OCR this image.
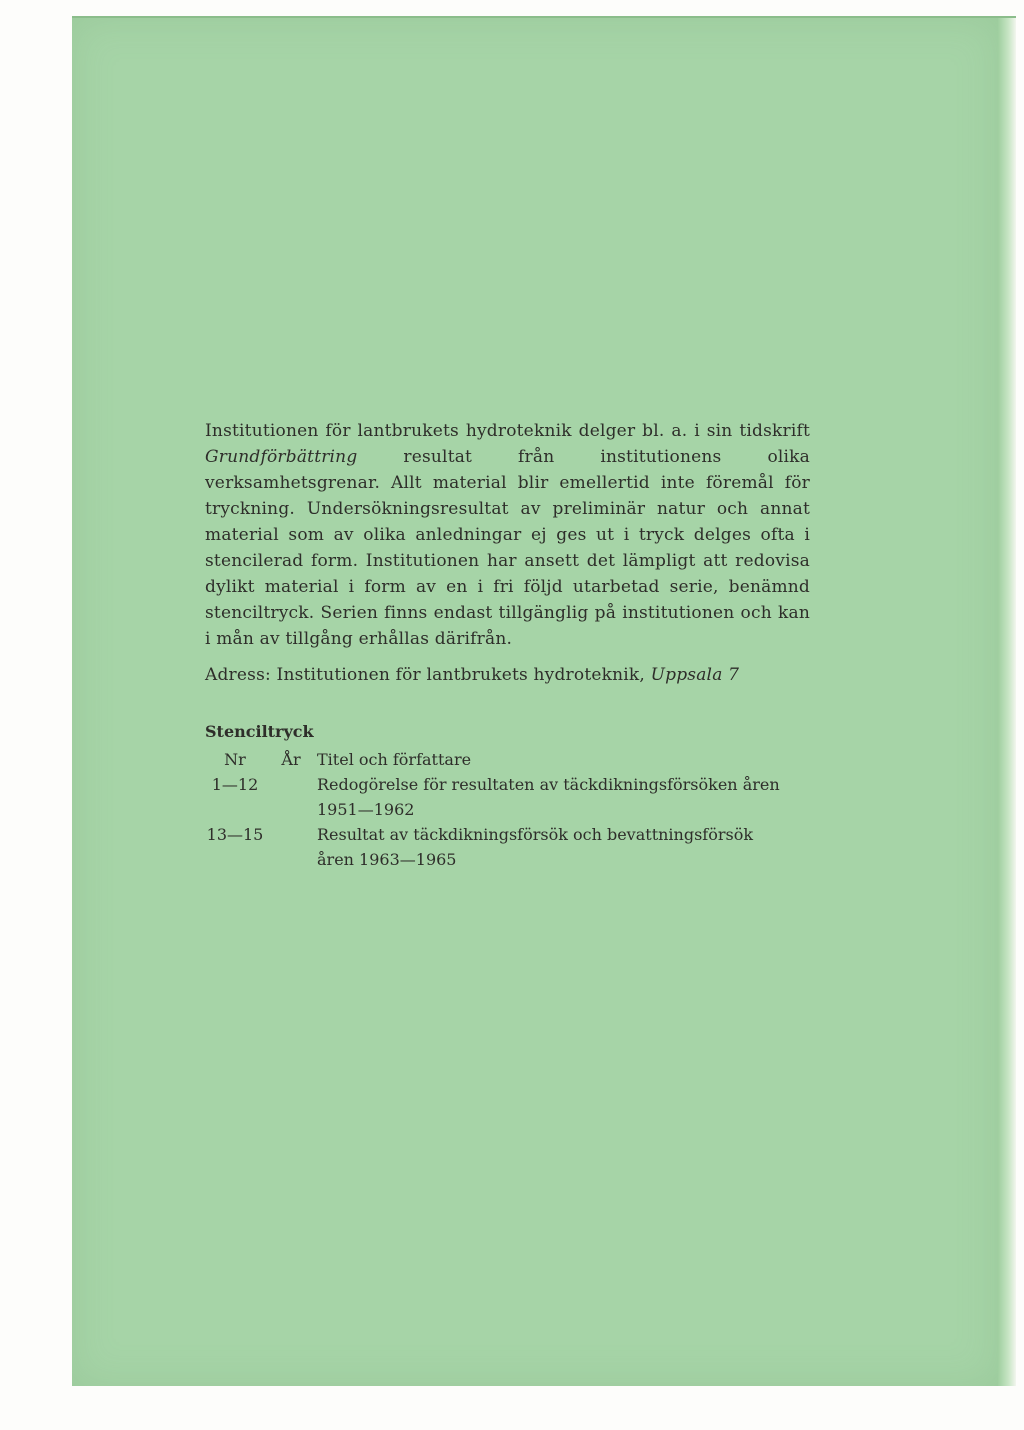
Institutionen för lantbrukets hydroteknik delger bl. a. i sin tidskrift Grundförbättring resultat från institutionens olika verksamhetsgrenar. Allt material blir emellertid inte föremål för tryckning. Undersökningsresultat av preliminär natur och annat material som av olika anledningar ej ges ut i tryck delges ofta i stencilerad form. Institutionen har ansett det lämpligt att redovisa dylikt material i form av en i fri följd utarbetad serie, benämnd stenciltryck. Serien finns endast tillgänglig på institutionen och kan i mån av tillgång erhållas därifrån.

Adress: Institutionen för lantbrukets hydroteknik, Uppsala 7

Stenciltryck
Nr	År	Titel och författare
1—12		Redogörelse för resultaten av täckdikningsförsöken åren 1951—1962
13—15		Resultat av täckdikningsförsök och bevattningsförsök
		åren 1963—1965
